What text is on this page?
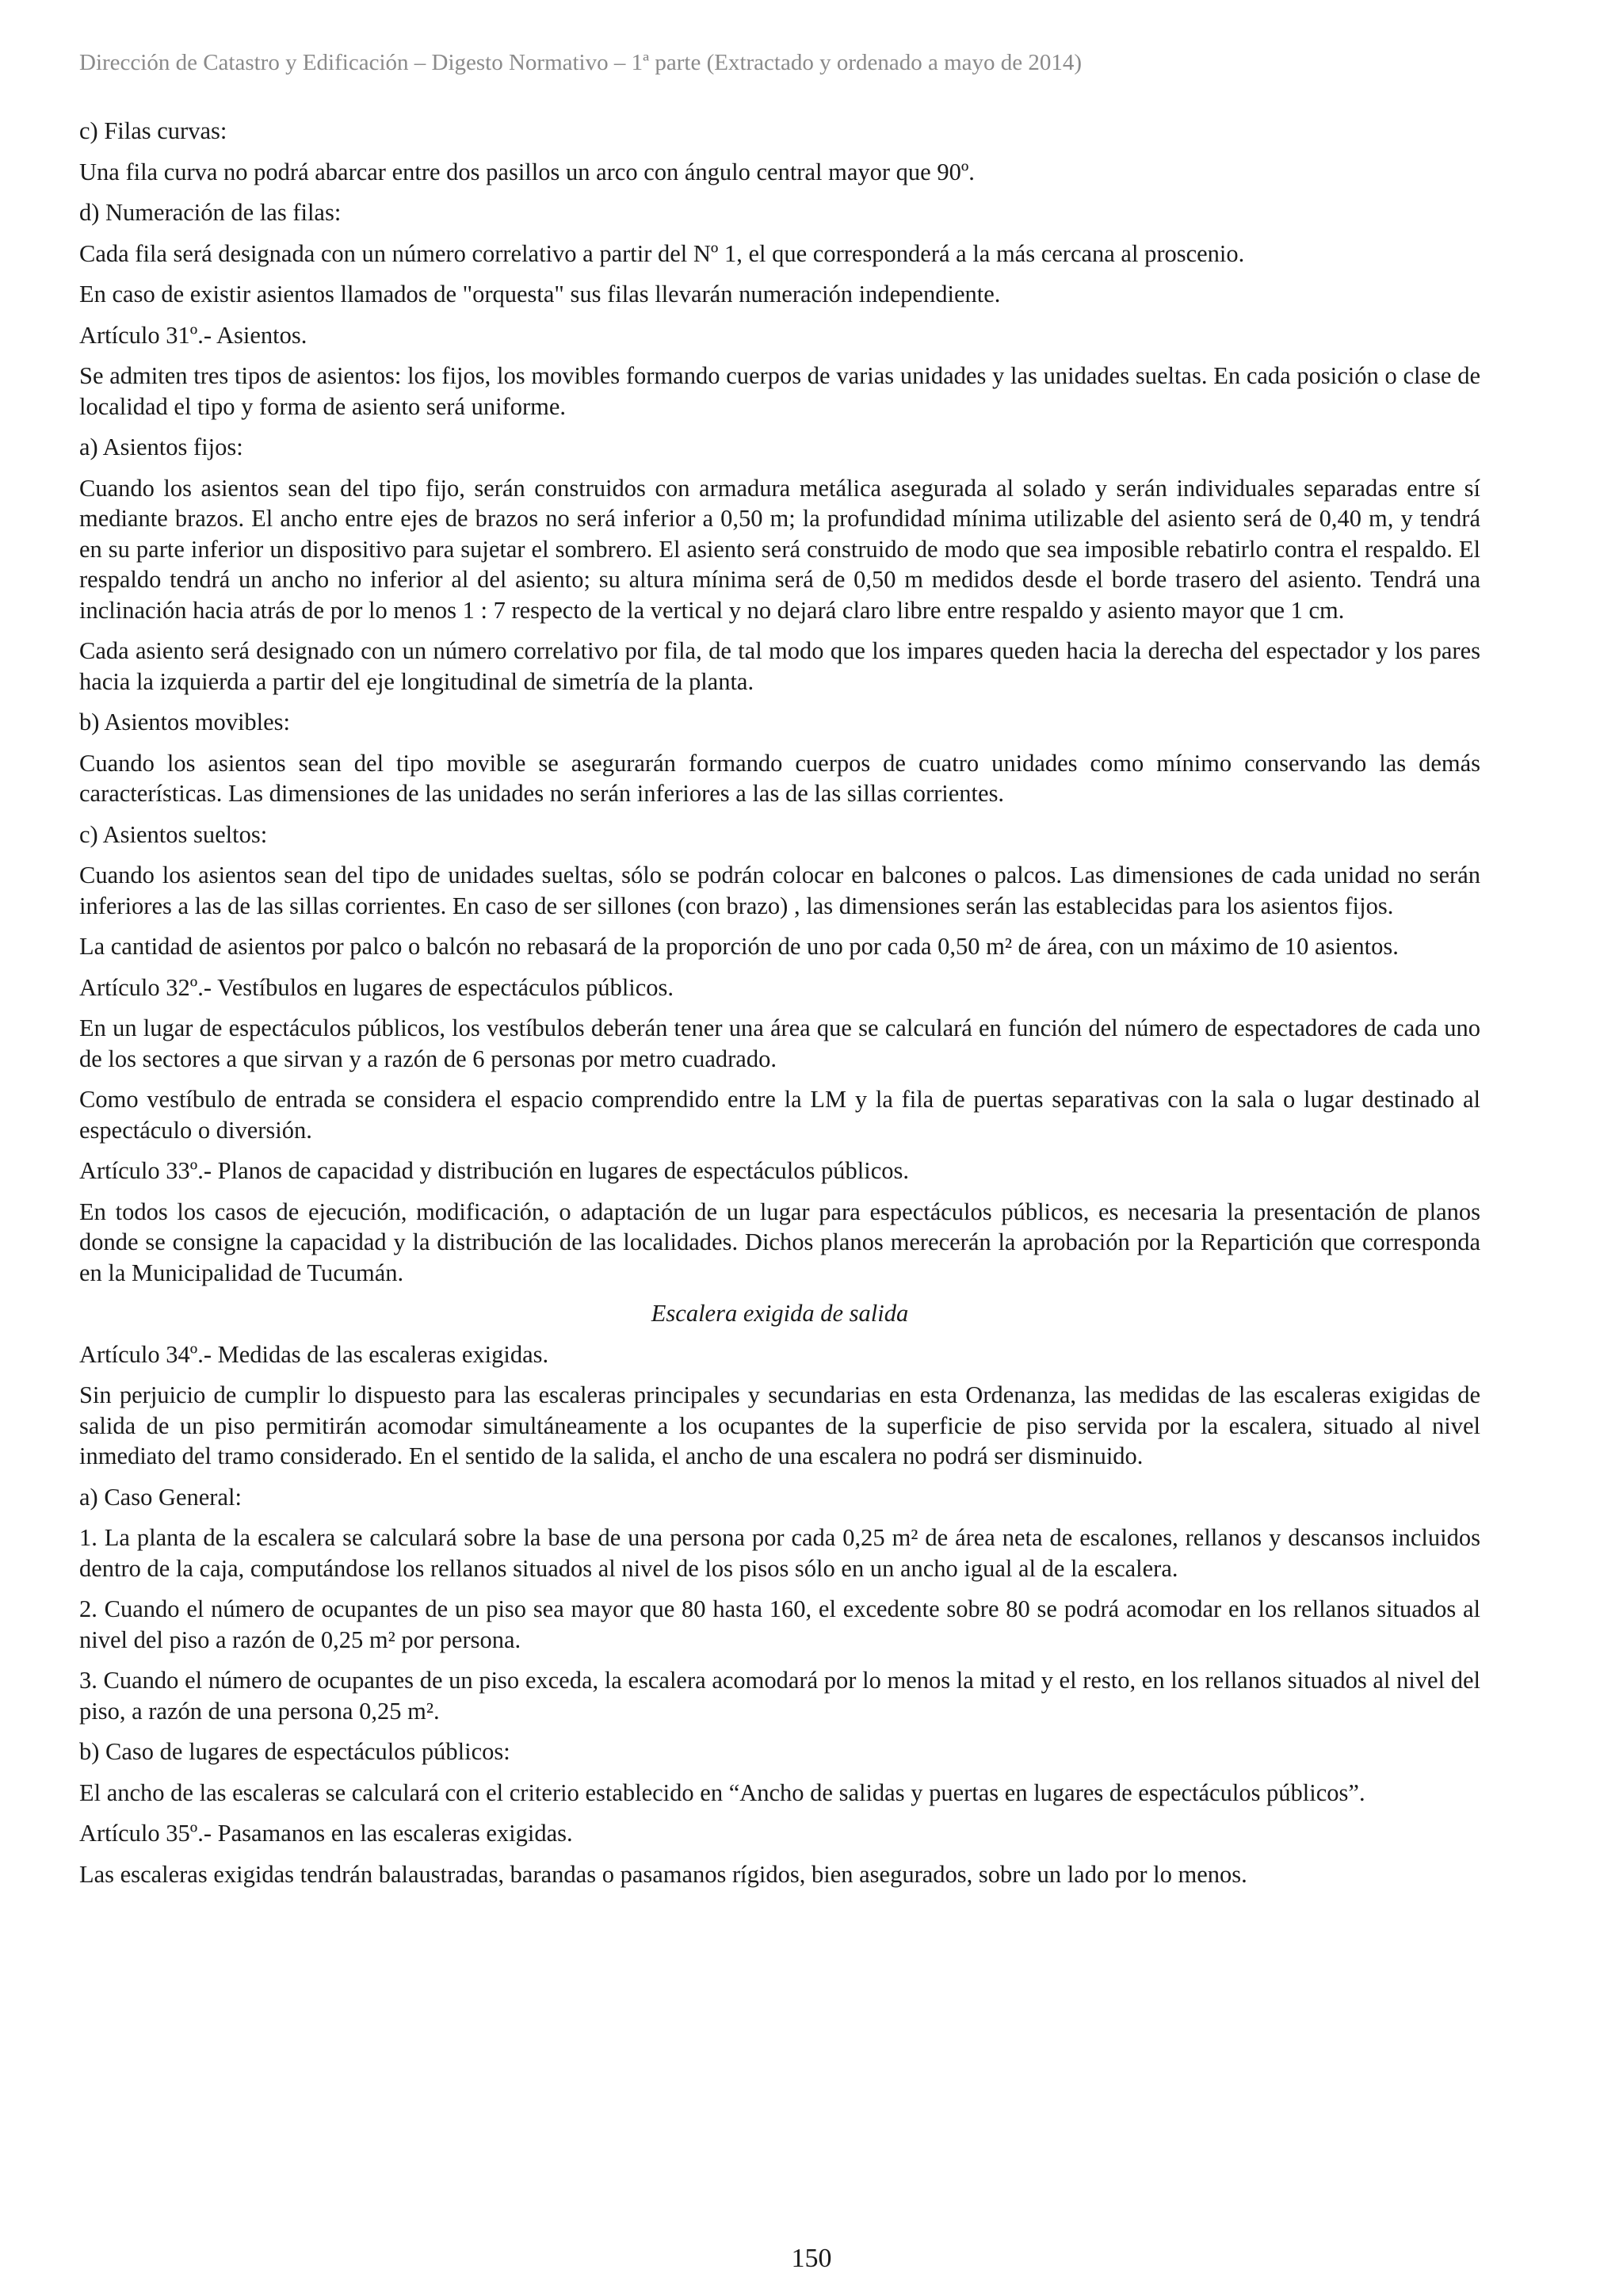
Dirección de Catastro y Edificación – Digesto Normativo – 1ª parte (Extractado y ordenado a mayo de 2014)

c) Filas curvas:

Una fila curva no podrá abarcar entre dos pasillos un arco con ángulo central mayor que 90º.

d) Numeración de las filas:

Cada fila será designada con un número correlativo a partir del Nº 1, el que corresponderá a la más cercana al proscenio.

En caso de existir asientos llamados de "orquesta" sus filas llevarán numeración independiente.

Artículo 31º.- Asientos.

Se admiten tres tipos de asientos: los fijos, los movibles formando cuerpos de varias unidades y las unidades sueltas. En cada posición o clase de localidad el tipo y forma de asiento será uniforme.

a) Asientos fijos:

Cuando los asientos sean del tipo fijo, serán construidos con armadura metálica asegurada al solado y serán individuales separadas entre sí mediante brazos. El ancho entre ejes de brazos no será inferior a 0,50 m; la profundidad mínima utilizable del asiento será de 0,40 m, y tendrá en su parte inferior un dispositivo para sujetar el sombrero. El asiento será construido de modo que sea imposible rebatirlo contra el respaldo. El respaldo tendrá un ancho no inferior al del asiento; su altura mínima será de 0,50 m medidos desde el borde trasero del asiento. Tendrá una inclinación hacia atrás de por lo menos 1 : 7 respecto de la vertical y no dejará claro libre entre respaldo y asiento mayor que 1 cm.

Cada asiento será designado con un número correlativo por fila, de tal modo que los impares queden hacia la derecha del espectador y los pares hacia la izquierda a partir del eje longitudinal de simetría de la planta.

b) Asientos movibles:

Cuando los asientos sean del tipo movible se asegurarán formando cuerpos de cuatro unidades como mínimo conservando las demás características. Las dimensiones de las unidades no serán inferiores a las de las sillas corrientes.

c) Asientos sueltos:

Cuando los asientos sean del tipo de unidades sueltas, sólo se podrán colocar en balcones o palcos. Las dimensiones de cada unidad no serán inferiores a las de las sillas corrientes. En caso de ser sillones (con brazo) , las dimensiones serán las establecidas para los asientos fijos.

La cantidad de asientos por palco o balcón no rebasará de la proporción de uno por cada 0,50 m² de área, con un máximo de 10 asientos.

Artículo 32º.- Vestíbulos en lugares de espectáculos públicos.

En un lugar de espectáculos públicos, los vestíbulos deberán tener una área que se calculará en función del número de espectadores de cada uno de los sectores a que sirvan y a razón de 6 personas por metro cuadrado.

Como vestíbulo de entrada se considera el espacio comprendido entre la LM y la fila de puertas separativas con la sala o lugar destinado al espectáculo o diversión.

Artículo 33º.- Planos de capacidad y distribución en lugares de espectáculos públicos.

En todos los casos de ejecución, modificación, o adaptación de un lugar para espectáculos públicos, es necesaria la presentación de planos donde se consigne la capacidad y la distribución de las localidades. Dichos planos merecerán la aprobación por la Repartición que corresponda en la Municipalidad de Tucumán.

Escalera exigida de salida

Artículo 34º.- Medidas de las escaleras exigidas.

Sin perjuicio de cumplir lo dispuesto para las escaleras principales y secundarias en esta Ordenanza, las medidas de las escaleras exigidas de salida de un piso permitirán acomodar simultáneamente a los ocupantes de la superficie de piso servida por la escalera, situado al nivel inmediato del tramo considerado. En el sentido de la salida, el ancho de una escalera no podrá ser disminuido.

a) Caso General:

1. La planta de la escalera se calculará sobre la base de una persona por cada 0,25 m² de área neta de escalones, rellanos y descansos incluidos dentro de la caja, computándose los rellanos situados al nivel de los pisos sólo en un ancho igual al de la escalera.

2. Cuando el número de ocupantes de un piso sea mayor que 80 hasta 160, el excedente sobre 80 se podrá acomodar en los rellanos situados al nivel del piso a razón de 0,25 m² por persona.

3. Cuando el número de ocupantes de un piso exceda, la escalera acomodará por lo menos la mitad y el resto, en los rellanos situados al nivel del piso, a razón de una persona 0,25 m².

b) Caso de lugares de espectáculos públicos:

El ancho de las escaleras se calculará con el criterio establecido en “Ancho de salidas y puertas en lugares de espectáculos públicos”.

Artículo 35º.- Pasamanos en las escaleras exigidas.

Las escaleras exigidas tendrán balaustradas, barandas o pasamanos rígidos, bien asegurados, sobre un lado por lo menos.

150
